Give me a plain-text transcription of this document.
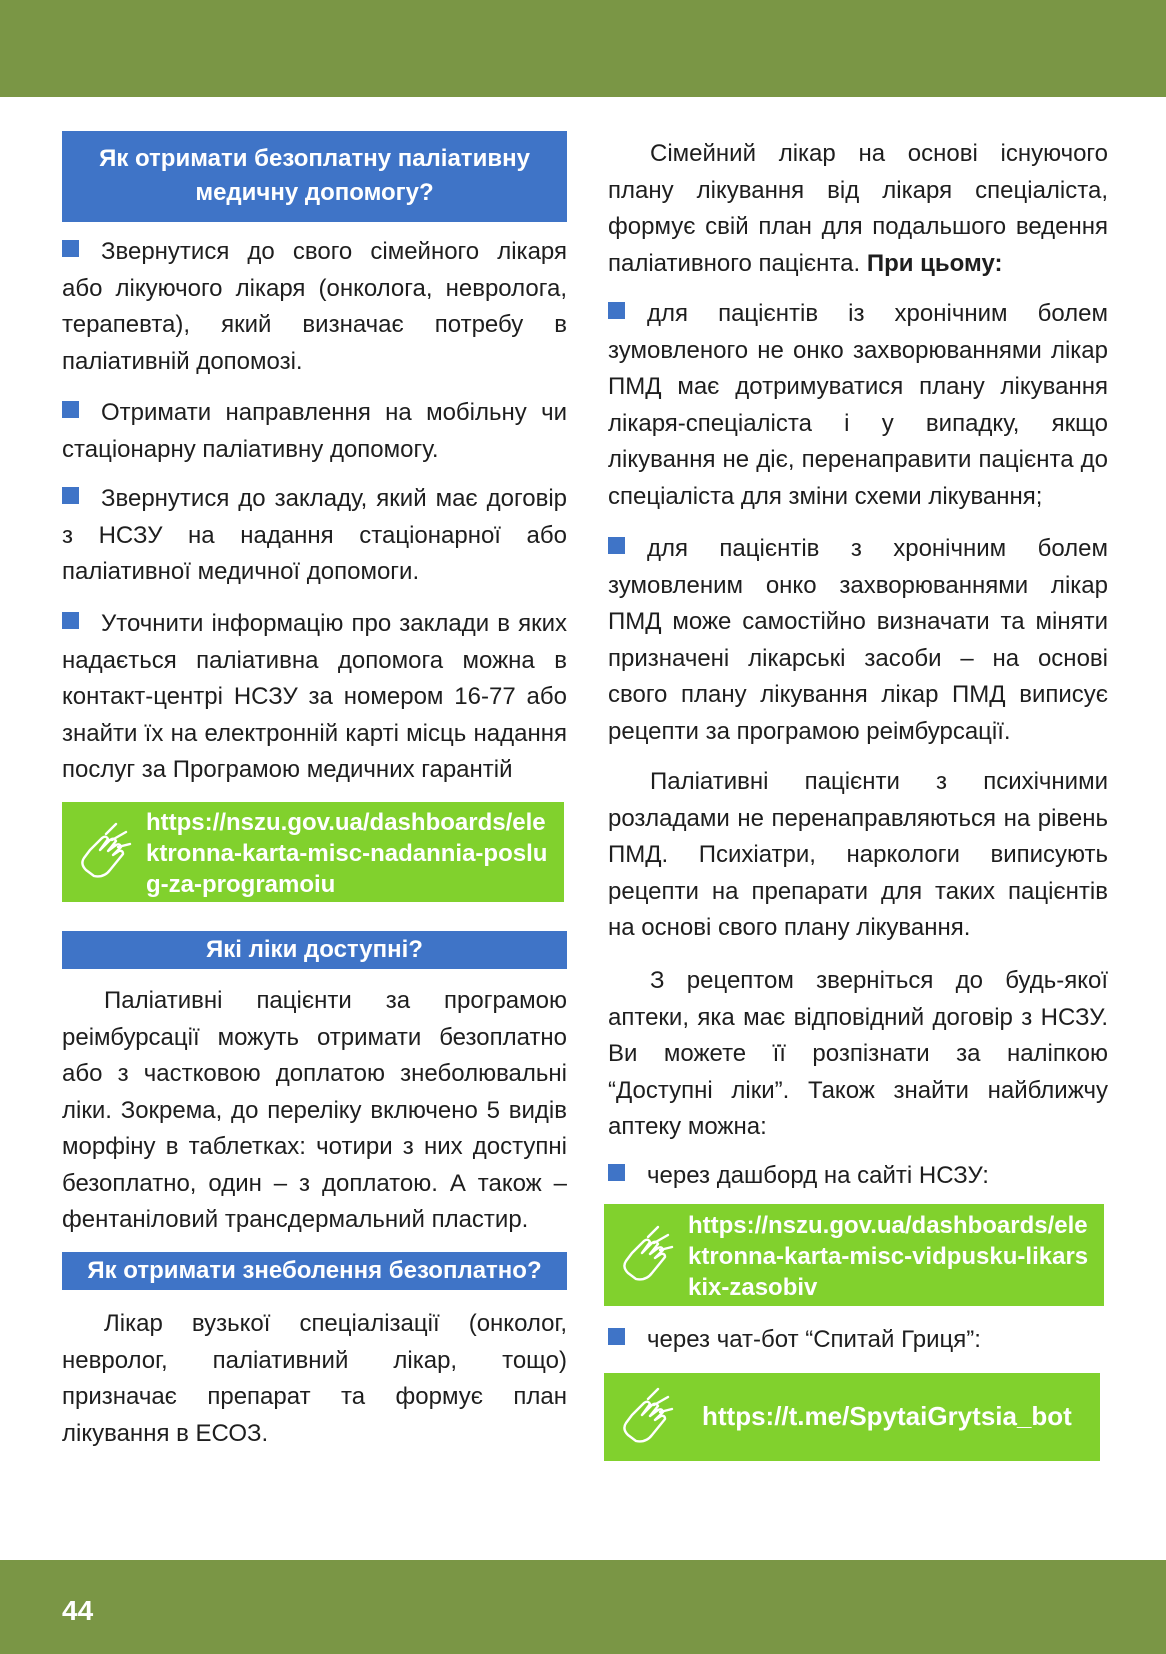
Як отримати безоплатну паліативну медичну допомогу?
Звернутися до свого сімейного лікаря або лікуючого лікаря (онколога, невролога, терапевта), який визначає потребу в паліативній допомозі.
Отримати направлення на мобільну чи стаціонарну паліативну допомогу.
Звернутися до закладу, який має договір з НСЗУ на надання стаціонарної або паліативної медичної допомоги.
Уточнити інформацію про заклади в яких надається паліативна допомога можна в контакт-центрі НСЗУ за номером 16-77 або знайти їх на електронній карті місць надання послуг за Програмою медичних гарантій
https://nszu.gov.ua/dashboards/elektronna-karta-misc-nadannia-poslug-za-programoiu
Які ліки доступні?
Паліативні пацієнти за програмою реімбурсації можуть отримати безоплатно або з частковою доплатою знеболювальні ліки. Зокрема, до переліку включено 5 видів морфіну в таблетках: чотири з них доступні безоплатно, один – з доплатою. А також – фентаніловий трансдермальний пластир.
Як отримати знеболення безоплатно?
Лікар вузької спеціалізації (онколог, невролог, паліативний лікар, тощо) призначає препарат та формує план лікування в ЕСОЗ.
Сімейний лікар на основі існуючого плану лікування від лікаря спеціаліста, формує свій план для подальшого ведення паліативного пацієнта. При цьому:
для пацієнтів із хронічним болем зумовленого не онко захворюваннями лікар ПМД має дотримуватися плану лікування лікаря-спеціаліста і у випадку, якщо лікування не діє, перенаправити пацієнта до спеціаліста для зміни схеми лікування;
для пацієнтів з хронічним болем зумовленим онко захворюваннями лікар ПМД може самостійно визначати та міняти призначені лікарські засоби – на основі свого плану лікування лікар ПМД виписує рецепти за програмою реімбурсації.
Паліативні пацієнти з психічними розладами не перенаправляються на рівень ПМД. Психіатри, наркологи виписують рецепти на препарати для таких пацієнтів на основі свого плану лікування.
З рецептом зверніться до будь-якої аптеки, яка має відповідний договір з НСЗУ. Ви можете її розпізнати за наліпкою “Доступні ліки”. Також знайти найближчу аптеку можна:
через дашборд на сайті НСЗУ:
https://nszu.gov.ua/dashboards/elektronna-karta-misc-vidpusku-likarskix-zasobiv
через чат-бот “Спитай Гриця”:
https://t.me/SpytaiGrytsia_bot
44
